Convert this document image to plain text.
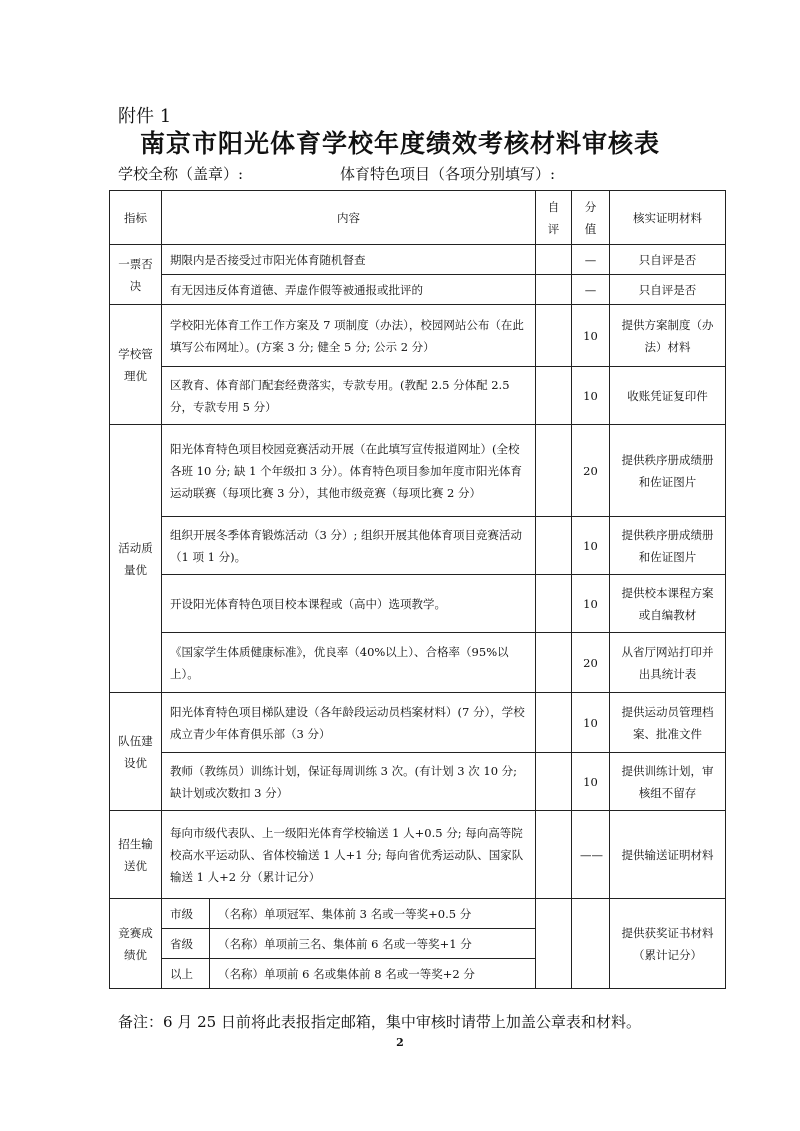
附件 1
南京市阳光体育学校年度绩效考核材料审核表
学校全称（盖章）:	体育特色项目（各项分别填写）:
指标	内容		自评	分值	核实证明材料
一票否决	期限内是否接受过市阳光体育随机督查			—	只自评是否
	有无因违反体育道德、弄虚作假等被通报或批评的			—	只自评是否
学校管理优	学校阳光体育工作工作方案及 7 项制度（办法），校园网站公布（在此填写公布网址）。(方案 3 分; 健全 5 分; 公示 2 分）			10	提供方案制度（办法）材料
	区教育、体育部门配套经费落实，专款专用。(教配 2.5 分体配 2.5 分，专款专用 5 分）			10	收账凭证复印件
活动质量优	阳光体育特色项目校园竞赛活动开展（在此填写宣传报道网址）(全校各班 10 分; 缺 1 个年级扣 3 分）。体育特色项目参加年度市阳光体育运动联赛（每项比赛 3 分），其他市级竞赛（每项比赛 2 分）			20	提供秩序册成绩册和佐证图片
	组织开展冬季体育锻炼活动（3 分）; 组织开展其他体育项目竞赛活动（1 项 1 分)。			10	提供秩序册成绩册和佐证图片
	开设阳光体育特色项目校本课程或（高中）选项教学。			10	提供校本课程方案或自编教材
	《国家学生体质健康标准》，优良率（40%以上）、合格率（95%以上）。			20	从省厅网站打印并出具统计表
队伍建设优	阳光体育特色项目梯队建设（各年龄段运动员档案材料）(7 分），学校成立青少年体育俱乐部（3 分）			10	提供运动员管理档案、批准文件
	教师（教练员）训练计划，保证每周训练 3 次。(有计划 3 次 10 分; 缺计划或次数扣 3 分）			10	提供训练计划，审核组不留存
招生输送优	每向市级代表队、上一级阳光体育学校输送 1 人+0.5 分; 每向高等院校高水平运动队、省体校输送 1 人+1 分; 每向省优秀运动队、国家队输送 1 人+2 分（累计记分）			——	提供输送证明材料
竞赛成绩优	市级	（名称）单项冠军、集体前 3 名或一等奖+0.5 分			提供获奖证书材料（累计记分）
	省级	（名称）单项前三名、集体前 6 名或一等奖+1 分			
	以上	（名称）单项前 6 名或集体前 8 名或一等奖+2 分			
备注：6 月 25 日前将此表报指定邮箱，集中审核时请带上加盖公章表和材料。
2
